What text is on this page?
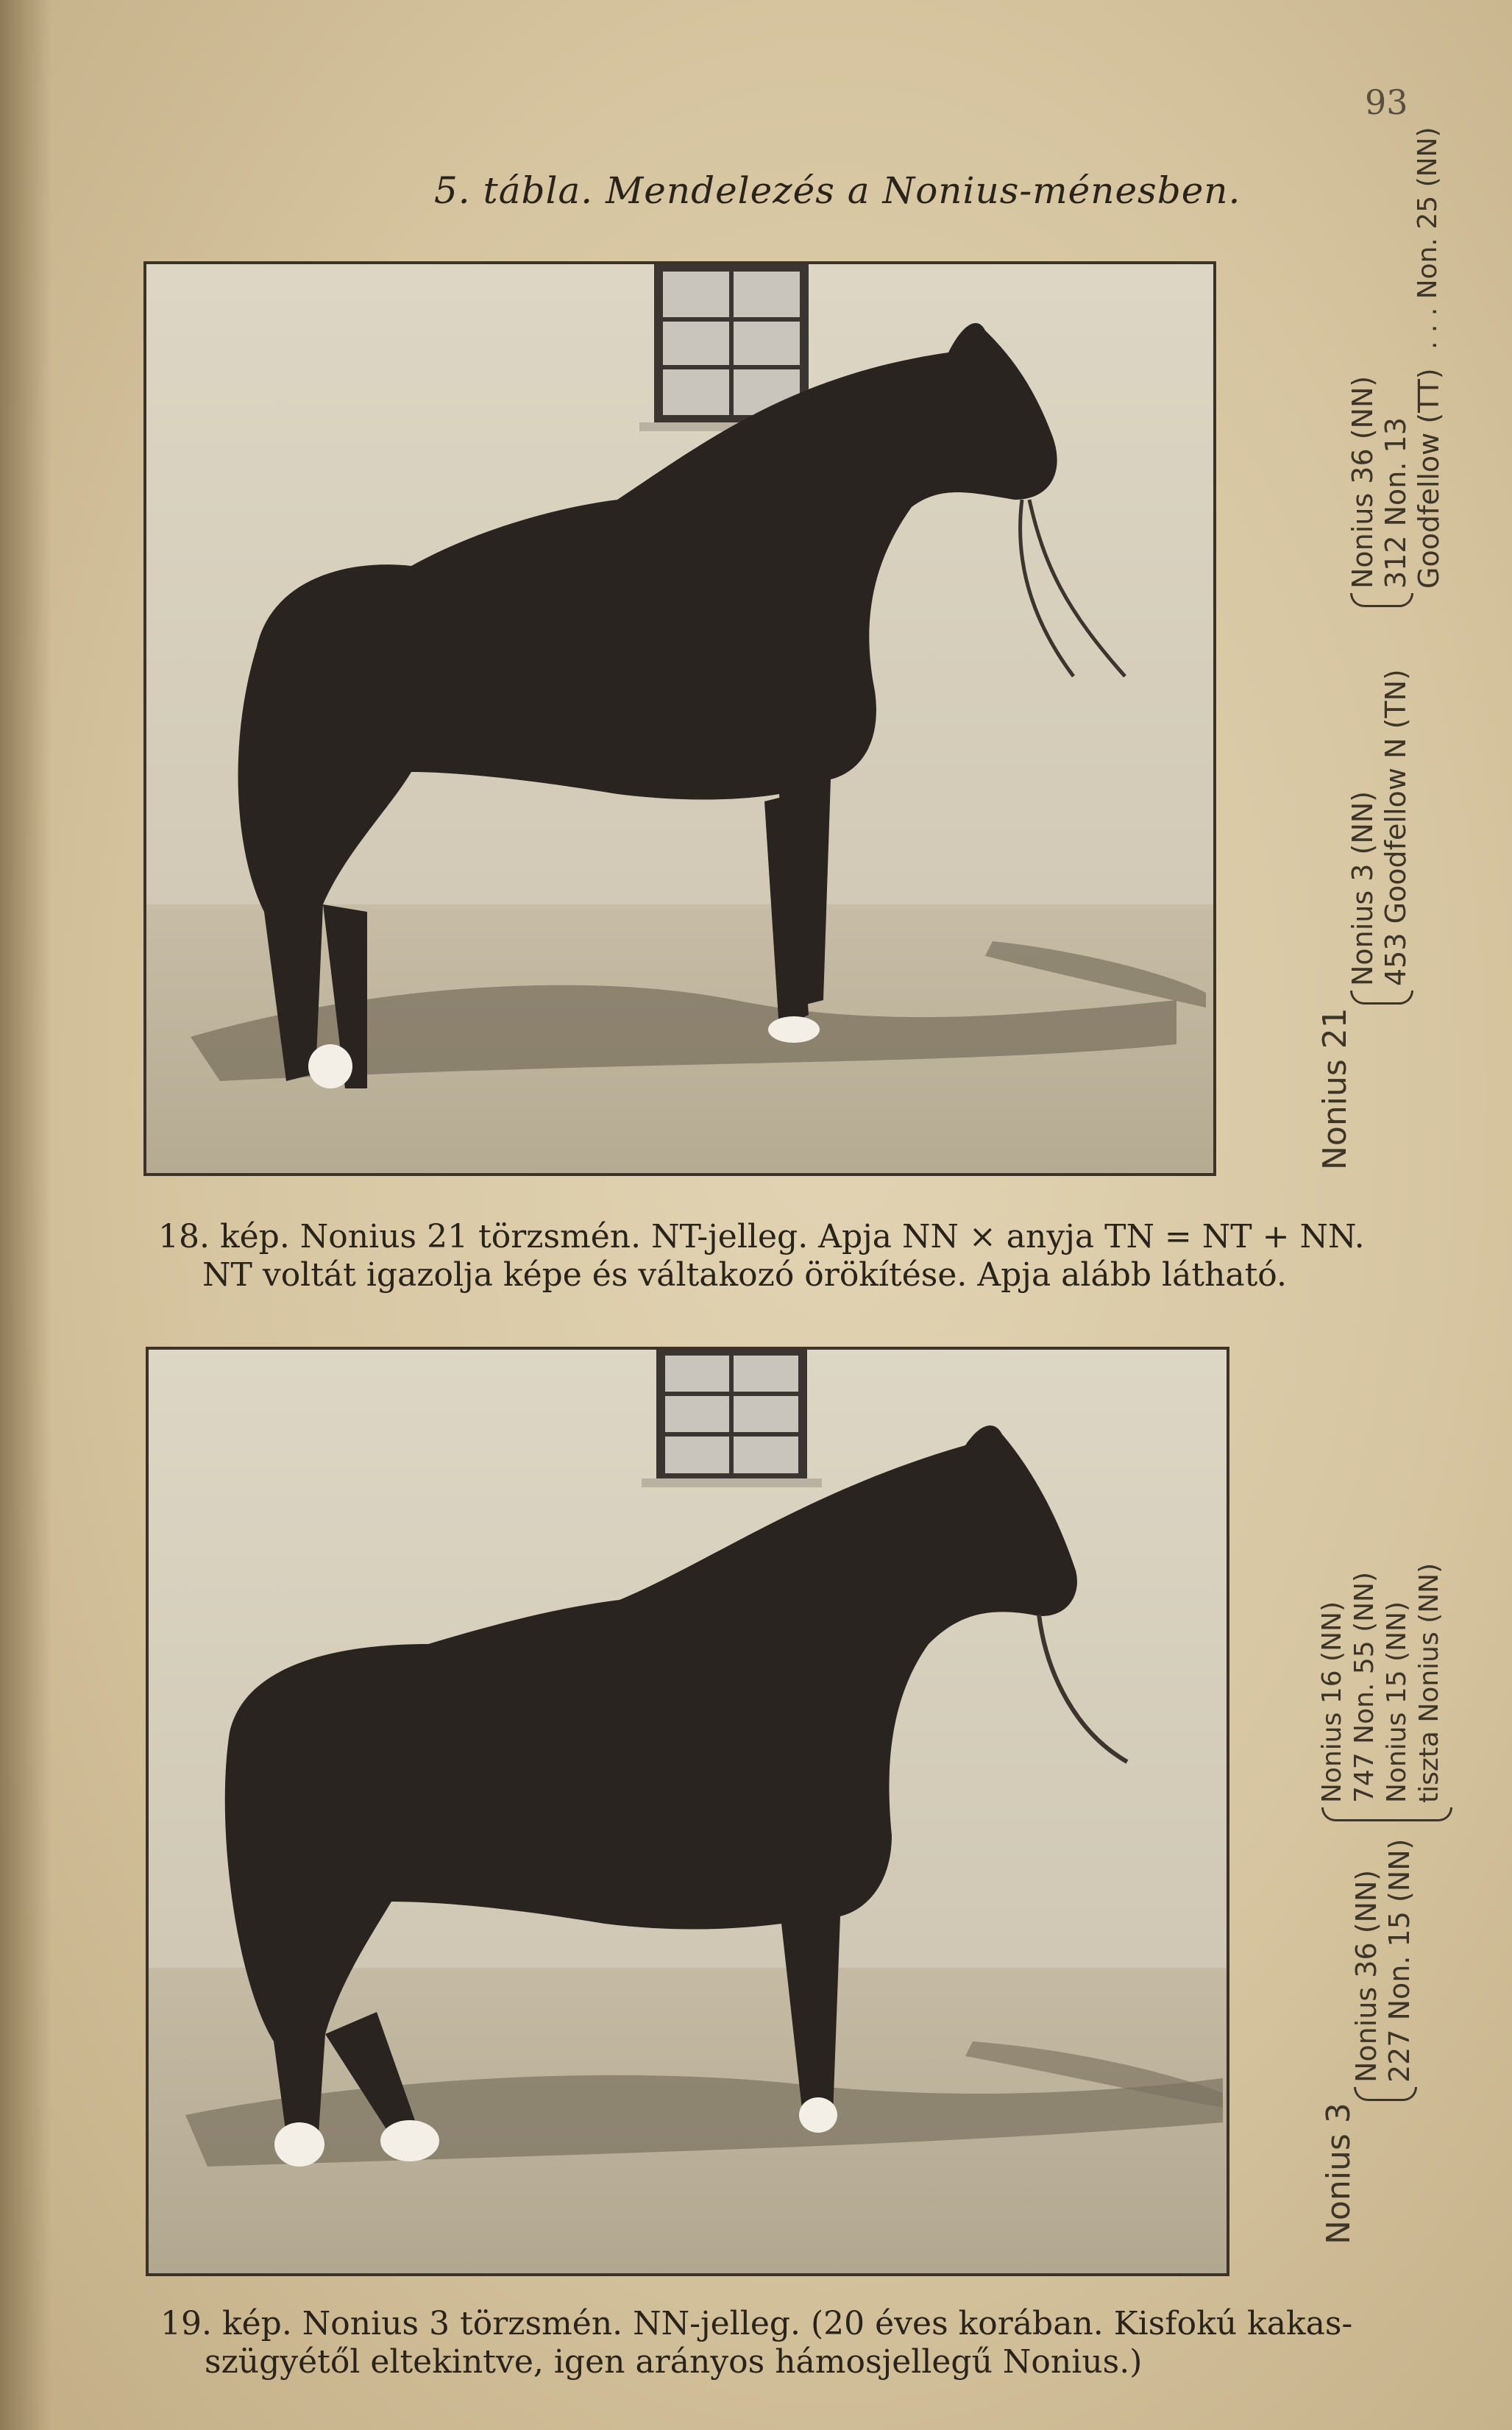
93
5. tábla. Mendelezés a Nonius-ménesben.
Nonius 21
Nonius 3 (NN) 453 Goodfellow N (TN)
Nonius 36 (NN) 312 Non. 13 Goodfellow (TT)
. . . Non. 25 (NN)
18. kép. Nonius 21 törzsmén. NT-jelleg. Apja NN × anyja TN = NT + NN.
NT voltát igazolja képe és váltakozó örökítése. Apja alább látható.
Nonius 3
Nonius 36 (NN) 227 Non. 15 (NN)
Nonius 16 (NN) 747 Non. 55 (NN) Nonius 15 (NN) tiszta Nonius (NN)
19. kép. Nonius 3 törzsmén. NN-jelleg. (20 éves korában. Kisfokú kakas-
szügyétől eltekintve, igen arányos hámosjellegű Nonius.)
